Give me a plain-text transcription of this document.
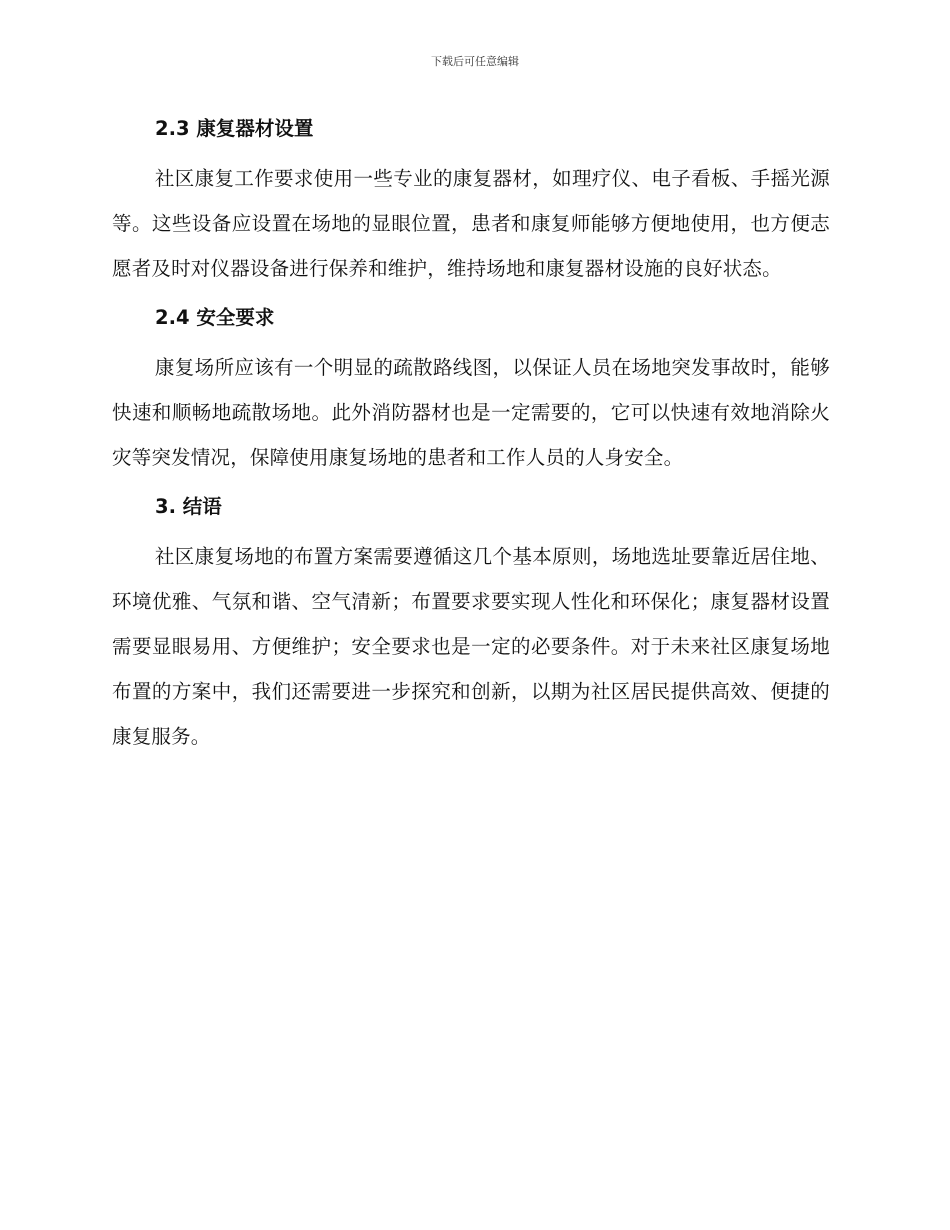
下载后可任意编辑
2.3 康复器材设置

社区康复工作要求使用一些专业的康复器材，如理疗仪、电子看板、手摇光源等。这些设备应设置在场地的显眼位置，患者和康复师能够方便地使用，也方便志愿者及时对仪器设备进行保养和维护，维持场地和康复器材设施的良好状态。

2.4 安全要求

康复场所应该有一个明显的疏散路线图，以保证人员在场地突发事故时，能够快速和顺畅地疏散场地。此外消防器材也是一定需要的，它可以快速有效地消除火灾等突发情况，保障使用康复场地的患者和工作人员的人身安全。

3. 结语

社区康复场地的布置方案需要遵循这几个基本原则，场地选址要靠近居住地、环境优雅、气氛和谐、空气清新；布置要求要实现人性化和环保化；康复器材设置需要显眼易用、方便维护；安全要求也是一定的必要条件。对于未来社区康复场地布置的方案中，我们还需要进一步探究和创新，以期为社区居民提供高效、便捷的康复服务。
